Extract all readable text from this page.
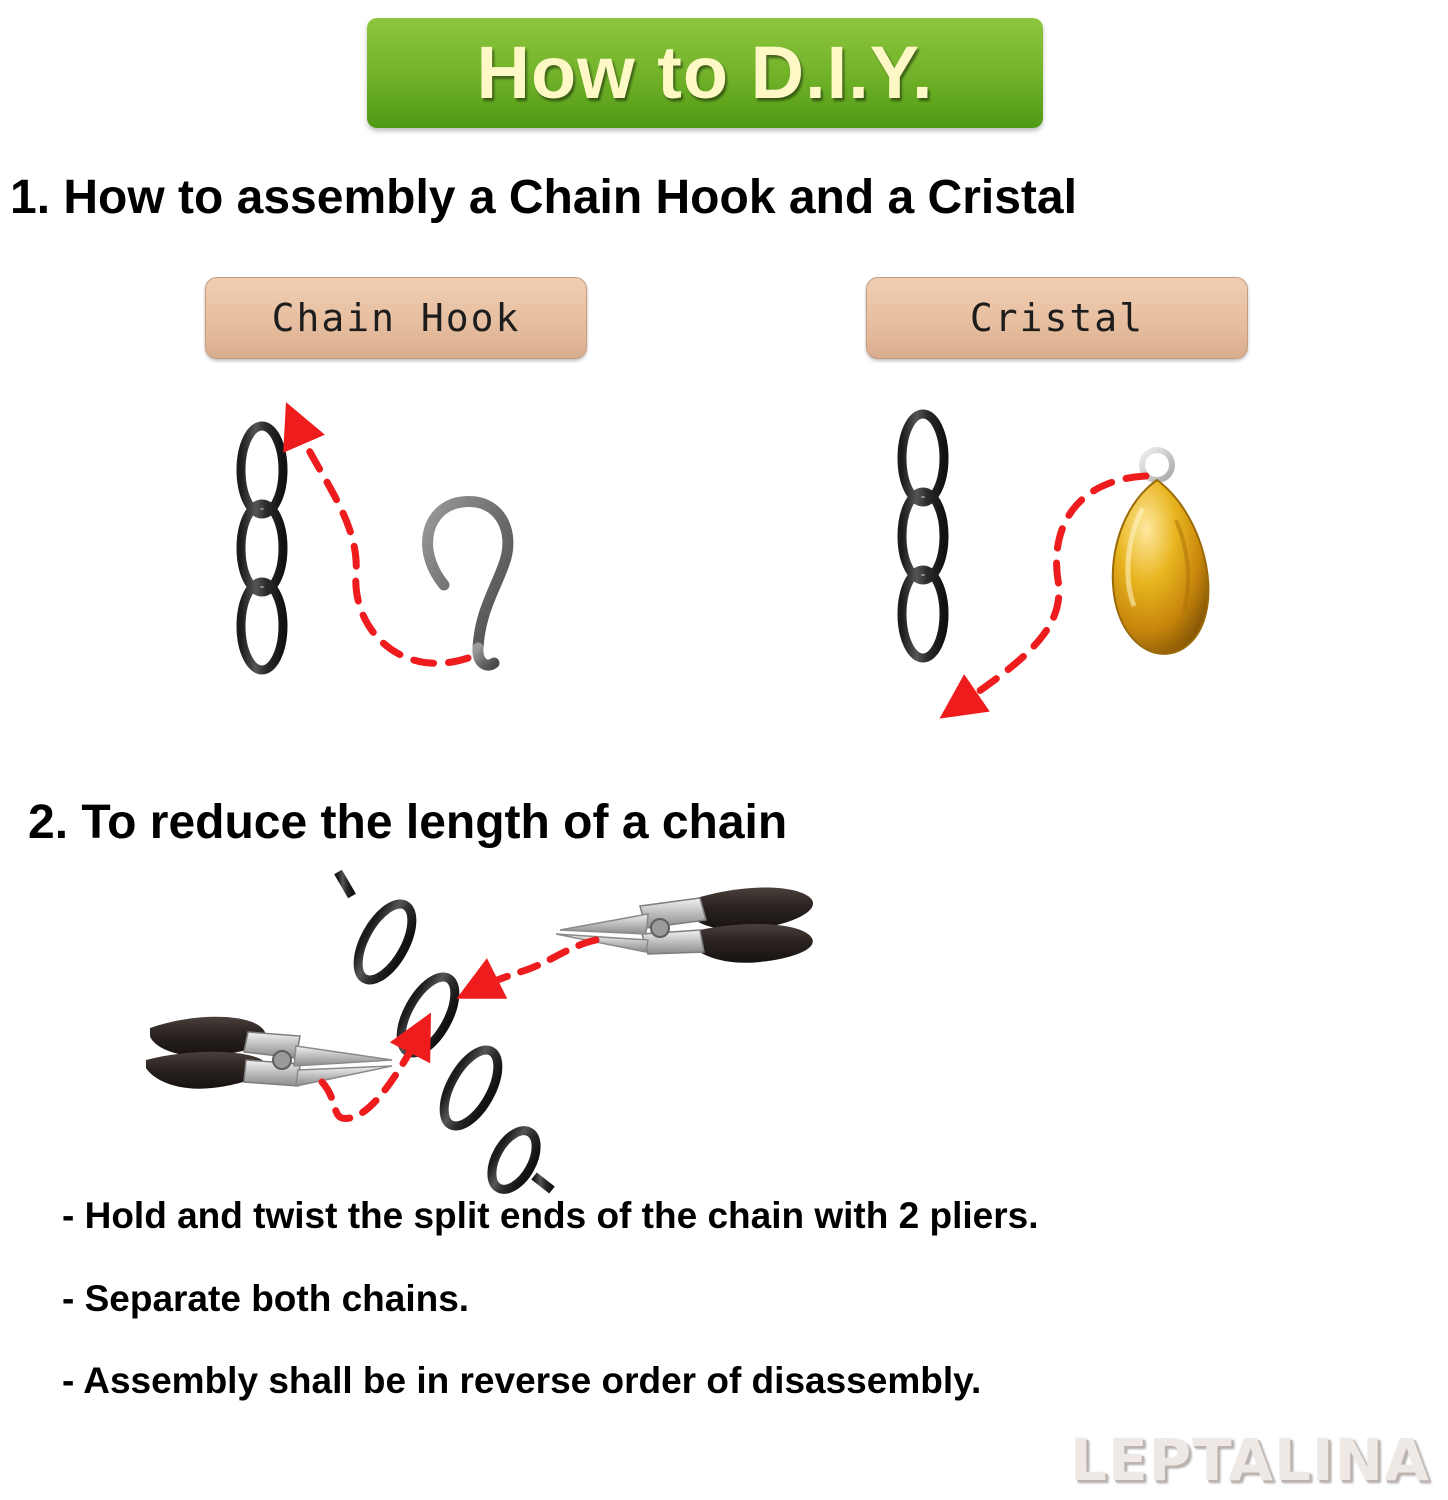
How to D.I.Y.
1. How to assembly a Chain Hook and a Cristal
Chain Hook	Cristal
2. To reduce the length of a chain
- Hold and twist the split ends of the chain with 2 pliers.
- Separate both chains.
- Assembly shall be in reverse order of disassembly.
LEPTALINA
